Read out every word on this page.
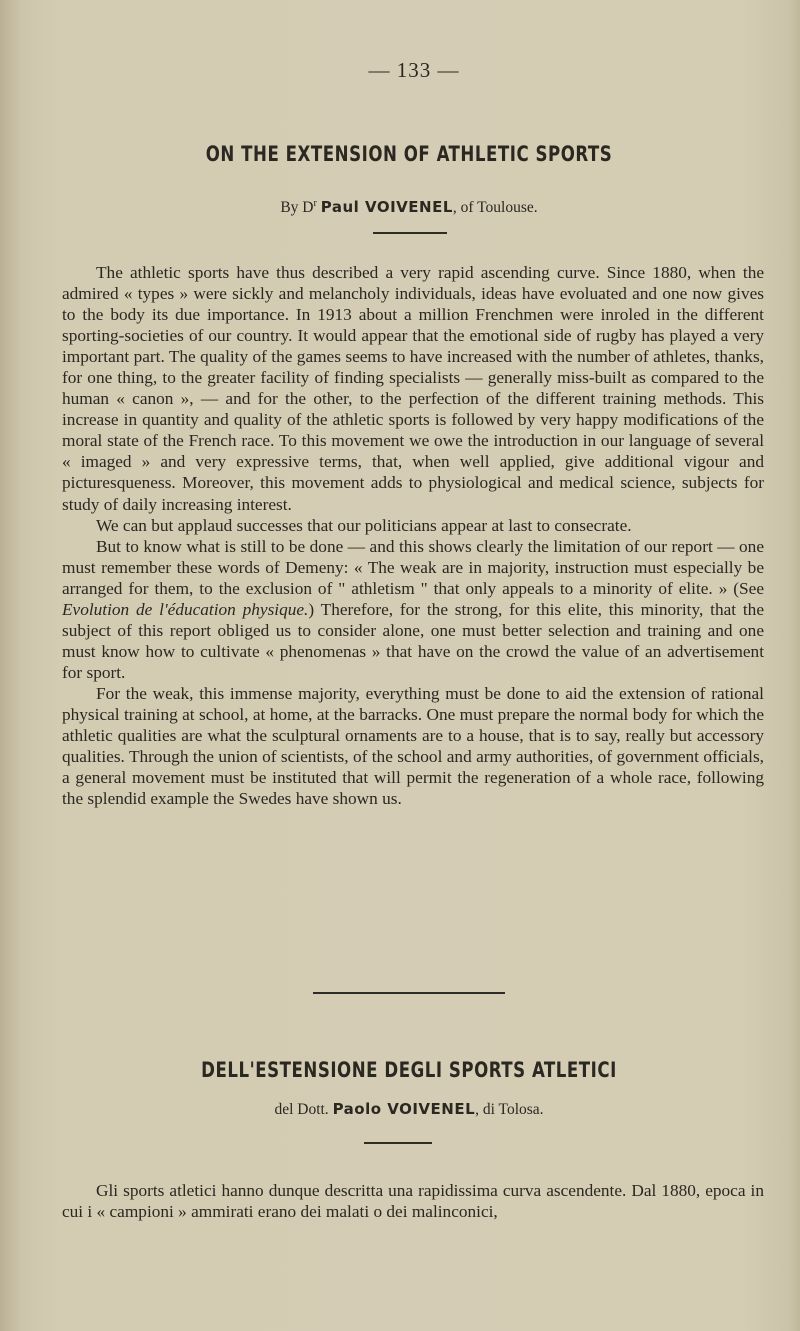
— 133 —
ON THE EXTENSION OF ATHLETIC SPORTS
By $D^r$ Paul VOIVENEL, of Toulouse.

The athletic sports have thus described a very rapid ascending curve. Since 1880, when the admired « types » were sickly and melancholy individuals, ideas have evoluated and one now gives to the body its due importance. In 1913 about a million Frenchmen were inroled in the different sporting-societies of our country. It would appear that the emotional side of rugby has played a very important part. The quality of the games seems to have increased with the number of athletes, thanks, for one thing, to the greater facility of finding specialists — generally miss-built as compared to the human « canon », — and for the other, to the perfection of the different training methods. This increase in quantity and quality of the athletic sports is followed by very happy modifications of the moral state of the French race. To this movement we owe the introduction in our language of several « imaged » and very expressive terms, that, when well applied, give additional vigour and picturesqueness. Moreover, this movement adds to physiological and medical science, subjects for study of daily increasing interest.

We can but applaud successes that our politicians appear at last to consecrate.

But to know what is still to be done — and this shows clearly the limitation of our report — one must remember these words of Demeny: « The weak are in majority, instruction must especially be arranged for them, to the exclusion of " athletism " that only appeals to a minority of elite. » (See Evolution de l'éducation physique.) Therefore, for the strong, for this elite, this minority, that the subject of this report obliged us to consider alone, one must better selection and training and one must know how to cultivate « phenomenas » that have on the crowd the value of an advertisement for sport.

For the weak, this immense majority, everything must be done to aid the extension of rational physical training at school, at home, at the barracks. One must prepare the normal body for which the athletic qualities are what the sculptural ornaments are to a house, that is to say, really but accessory qualities. Through the union of scientists, of the school and army authorities, of government officials, a general movement must be instituted that will permit the regeneration of a whole race, following the splendid example the Swedes have shown us.

DELL'ESTENSIONE DEGLI SPORTS ATLETICI
del Dott. Paolo VOIVENEL, di Tolosa.

Gli sports atletici hanno dunque descritta una rapidissima curva ascendente. Dal 1880, epoca in cui i « campioni » ammirati erano dei malati o dei malinconici,
